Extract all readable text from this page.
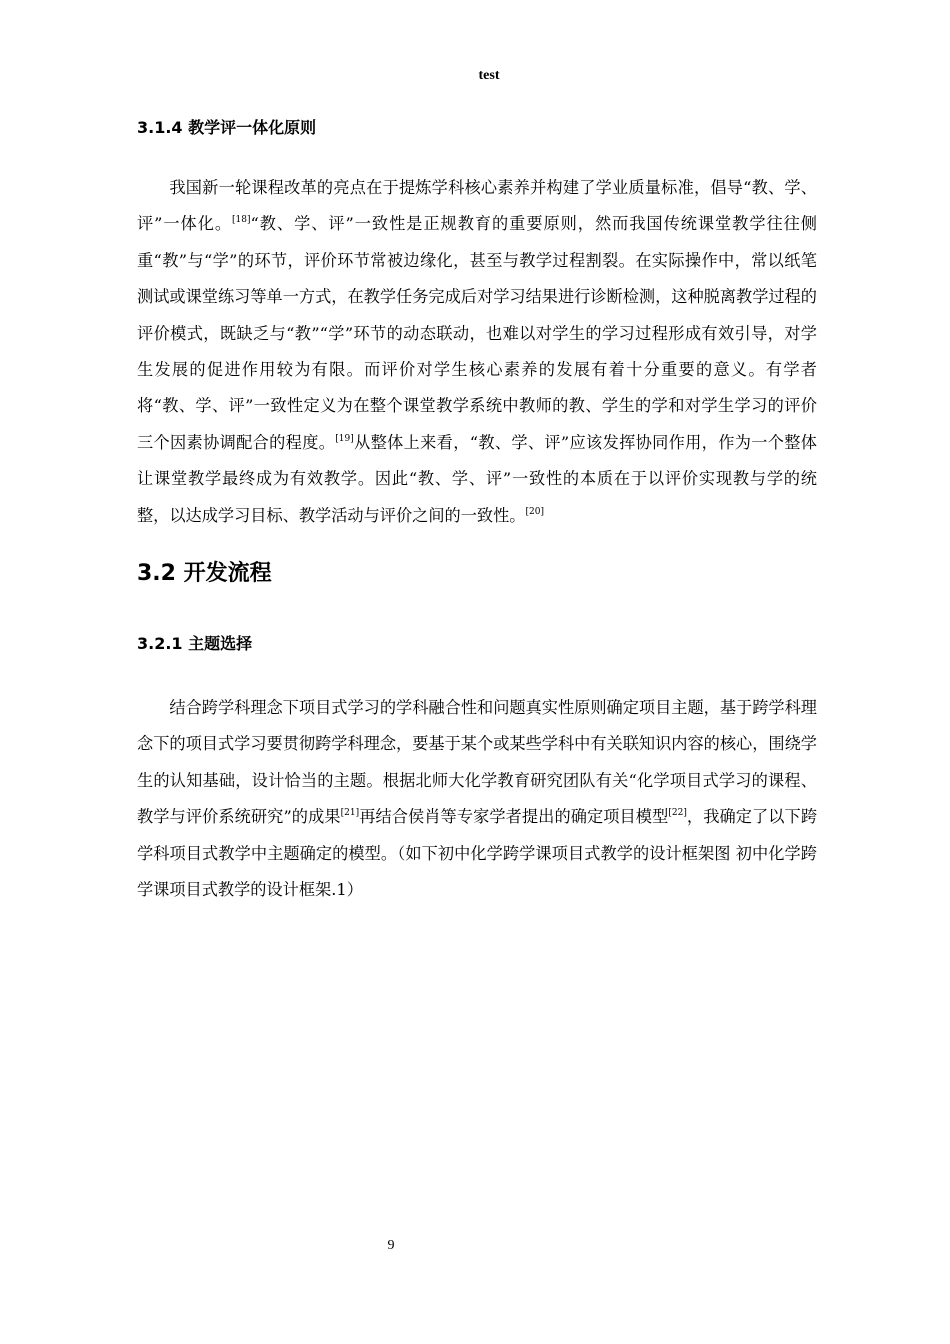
test
3.1.4 教学评一体化原则

我国新一轮课程改革的亮点在于提炼学科核心素养并构建了学业质量标准，倡导“教、学、评”一体化。[18]“教、学、评”一致性是正规教育的重要原则，然而我国传统课堂教学往往侧重“教”与“学”的环节，评价环节常被边缘化，甚至与教学过程割裂。在实际操作中，常以纸笔测试或课堂练习等单一方式，在教学任务完成后对学习结果进行诊断检测，这种脱离教学过程的评价模式，既缺乏与“教”“学”环节的动态联动，也难以对学生的学习过程形成有效引导，对学生发展的促进作用较为有限。而评价对学生核心素养的发展有着十分重要的意义。有学者将“教、学、评”一致性定义为在整个课堂教学系统中教师的教、学生的学和对学生学习的评价三个因素协调配合的程度。[19]从整体上来看，“教、学、评”应该发挥协同作用，作为一个整体让课堂教学最终成为有效教学。因此“教、学、评”一致性的本质在于以评价实现教与学的统整，以达成学习目标、教学活动与评价之间的一致性。[20]

3.2 开发流程
3.2.1 主题选择

结合跨学科理念下项目式学习的学科融合性和问题真实性原则确定项目主题，基于跨学科理念下的项目式学习要贯彻跨学科理念，要基于某个或某些学科中有关联知识内容的核心，围绕学生的认知基础，设计恰当的主题。根据北师大化学教育研究团队有关“化学项目式学习的课程、教学与评价系统研究”的成果[21]再结合侯肖等专家学者提出的确定项目模型[22]，我确定了以下跨学科项目式教学中主题确定的模型。（如下初中化学跨学课项目式教学的设计框架图 初中化学跨学课项目式教学的设计框架.1）

9
